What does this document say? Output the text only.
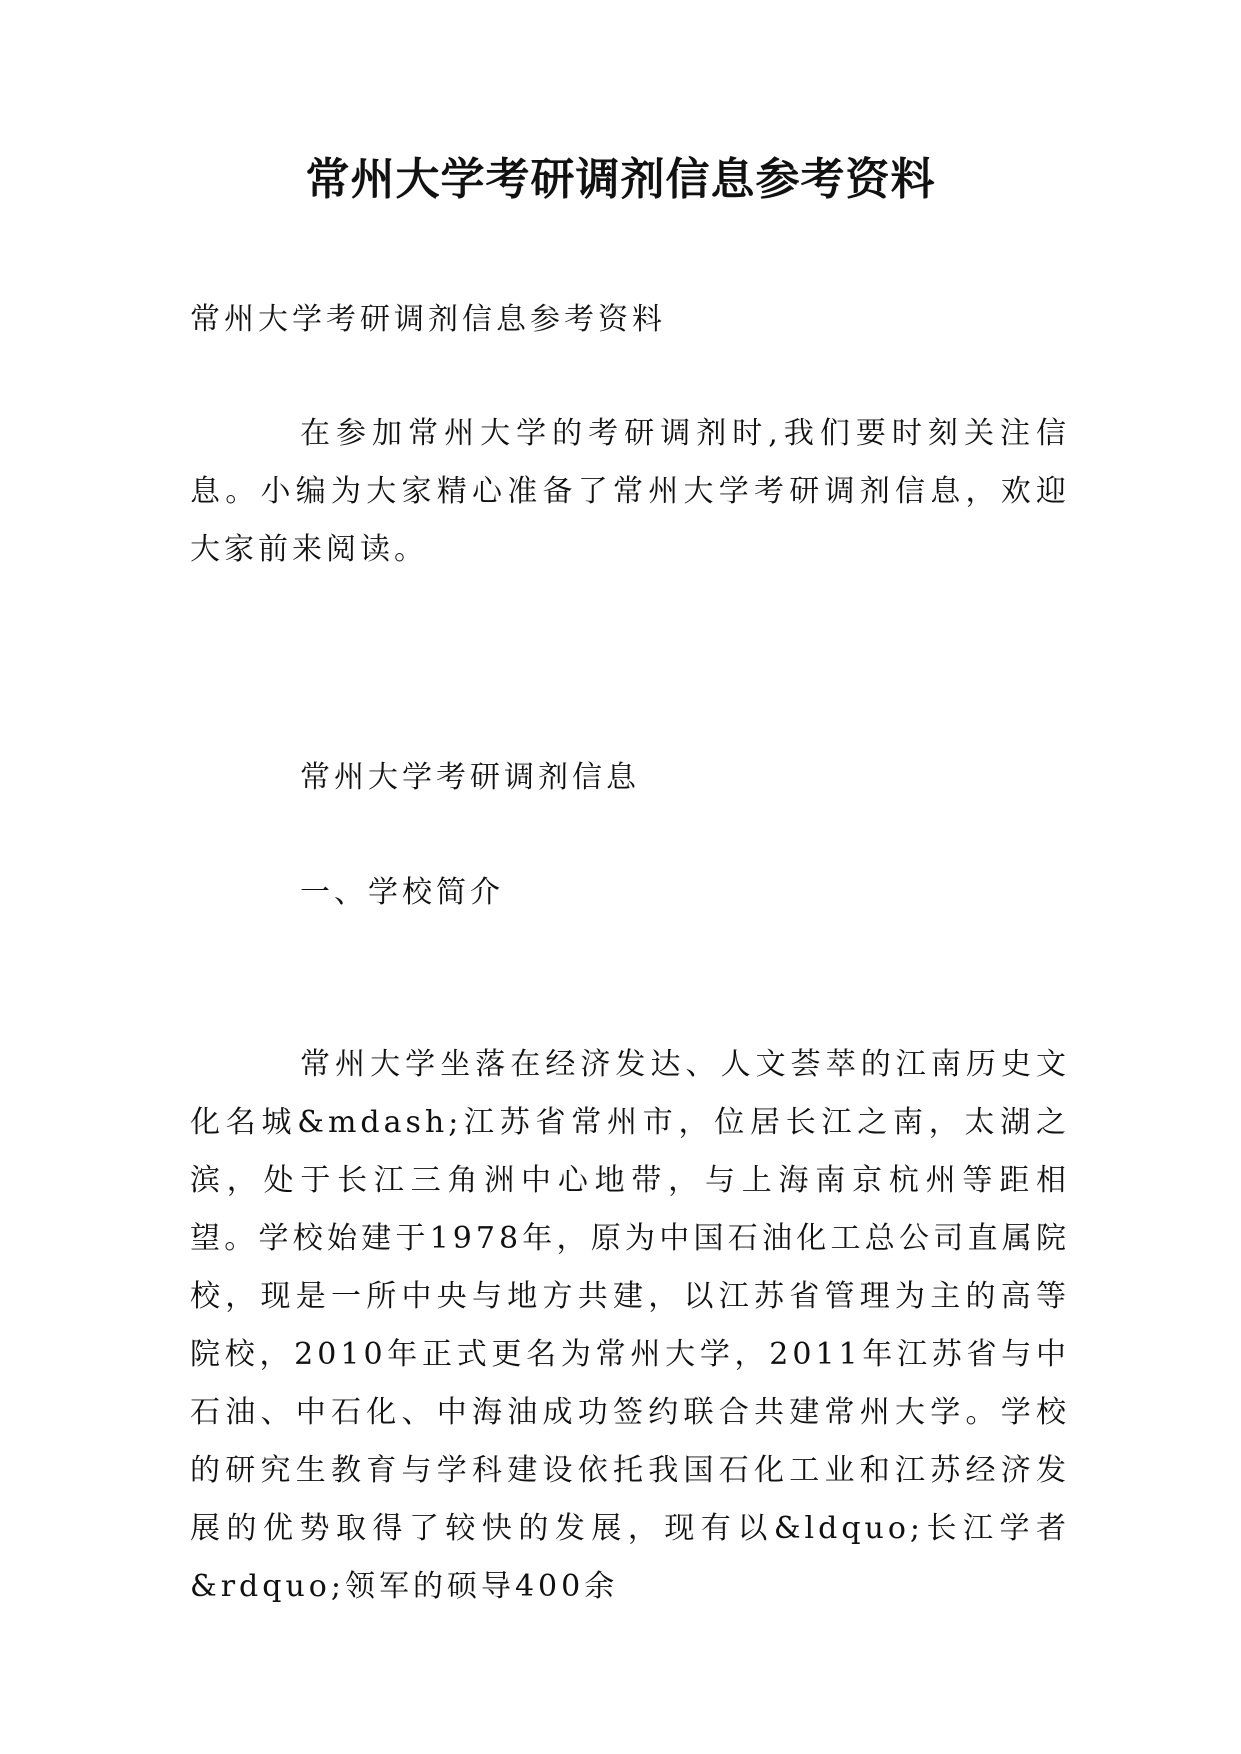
常州大学考研调剂信息参考资料

常州大学考研调剂信息参考资料

在参加常州大学的考研调剂时,我们要时刻关注信息。小编为大家精心准备了常州大学考研调剂信息，欢迎大家前来阅读。

常州大学考研调剂信息

一、学校简介

常州大学坐落在经济发达、人文荟萃的江南历史文化名城&mdash;江苏省常州市，位居长江之南，太湖之滨，处于长江三角洲中心地带，与上海南京杭州等距相望。学校始建于1978年，原为中国石油化工总公司直属院校，现是一所中央与地方共建，以江苏省管理为主的高等院校，2010年正式更名为常州大学，2011年江苏省与中石油、中石化、中海油成功签约联合共建常州大学。学校的研究生教育与学科建设依托我国石化工业和江苏经济发展的优势取得了较快的发展，现有以&ldquo;长江学者&rdquo;领军的硕导400余
